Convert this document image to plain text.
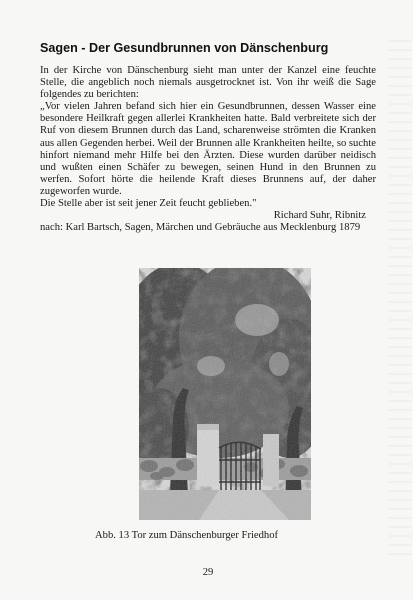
Sagen - Der Gesundbrunnen von Dänschenburg

In der Kirche von Dänschenburg sieht man unter der Kanzel eine feuchte Stelle, die angeblich noch niemals ausgetrocknet ist. Von ihr weiß die Sage folgendes zu berichten:

„Vor vielen Jahren befand sich hier ein Gesundbrunnen, dessen Wasser eine besondere Heilkraft gegen allerlei Krankheiten hatte. Bald verbreitete sich der Ruf von diesem Brunnen durch das Land, scharenweise strömten die Kranken aus allen Gegenden herbei. Weil der Brunnen alle Krankheiten heilte, so suchte hinfort niemand mehr Hilfe bei den Ärzten. Diese wurden darüber neidisch und wußten einen Schäfer zu bewegen, seinen Hund in den Brunnen zu werfen. Sofort hörte die heilende Kraft dieses Brunnens auf, der daher zugeworfen wurde.

Die Stelle aber ist seit jener Zeit feucht geblieben."

Richard Suhr, Ribnitz

nach: Karl Bartsch, Sagen, Märchen und Gebräuche aus Mecklenburg 1879

Abb. 13 Tor zum Dänschenburger Friedhof
29
